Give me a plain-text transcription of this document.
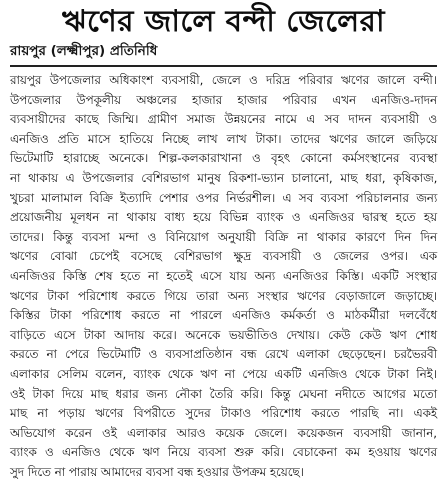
ঋণের জালে বন্দী জেলেরা

রায়পুর (লক্ষ্মীপুর) প্রতিনিধি

রায়পুর উপজেলার অধিকাংশ ব্যবসায়ী, জেলে ও দরিদ্র পরিবার ঋণের জালে বন্দী।
উপজেলার উপকূলীয় অঞ্চলের হাজার হাজার পরিবার এখন এনজিও-দাদন
ব্যবসায়ীদের কাছে জিম্মি। গ্রামীণ সমাজ উন্নয়নের নামে এ সব দাদন ব্যবসায়ী ও
এনজিও প্রতি মাসে হাতিয়ে নিচ্ছে লাখ লাখ টাকা। তাদের ঋণের জালে জড়িয়ে
ভিটেমাটি হারাচ্ছে অনেকে। শিল্প-কলকারাখানা ও বৃহৎ কোনো কর্মসংস্থানের ব্যবস্থা
না থাকায় এ উপজেলার বেশিরভাগ মানুষ রিকশা-ভ্যান চালানো, মাছ ধরা, কৃষিকাজ,
খুচরা মালামাল বিক্রি ইত্যাদি পেশার ওপর নির্ভরশীল। এ সব ব্যবসা পরিচালনার জন্য
প্রয়োজনীয় মূলধন না থাকায় বাধ্য হয়ে বিভিন্ন ব্যাংক ও এনজিওর দ্বারস্থ হতে হয়
তাদের। কিন্তু ব্যবসা মন্দা ও বিনিয়োগ অনুযায়ী বিক্রি না থাকার কারণে দিন দিন
ঋণের বোঝা চেপেই বসেছে বেশিরভাগ ক্ষুদ্র ব্যবসায়ী ও জেলের ওপর। এক
এনজিওর কিস্তি শেষ হতে না হতেই এসে যায় অন্য এনজিওর কিস্তি। একটি সংস্থার
ঋণের টাকা পরিশোধ করতে গিয়ে তারা অন্য সংস্থার ঋণের বেড়াজালে জড়াচ্ছে।
কিস্তির টাকা পরিশোধ করতে না পারলে এনজিও কর্মকর্তা ও মাঠকর্মীরা দলবেঁধে
বাড়িতে এসে টাকা আদায় করে। অনেকে ভয়ভীতিও দেখায়। কেউ কেউ ঋণ শোধ
করতে না পেরে ভিটেমাটি ও ব্যবসাপ্রতিষ্ঠান বন্ধ রেখে এলাকা ছেড়েছেন। চরভৈরবী
এলাকার সেলিম বলেন, ব্যাংক থেকে ঋণ না পেয়ে একটি এনজিও থেকে টাকা নিই।
ওই টাকা দিয়ে মাছ ধরার জন্য নৌকা তৈরি করি। কিন্তু মেঘনা নদীতে আগের মতো
মাছ না পড়ায় ঋণের বিপরীতে সুদের টাকাও পরিশোধ করতে পারছি না। একই
অভিযোগ করেন ওই এলাকার আরও কয়েক জেলে। কয়েকজন ব্যবসায়ী জানান,
ব্যাংক ও এনজিও থেকে ঋণ নিয়ে ব্যবসা শুরু করি। বেচাকেনা কম হওয়ায় ঋণের
সুদ দিতে না পারায় আমাদের ব্যবসা বন্ধ হওয়ার উপক্রম হয়েছে।
